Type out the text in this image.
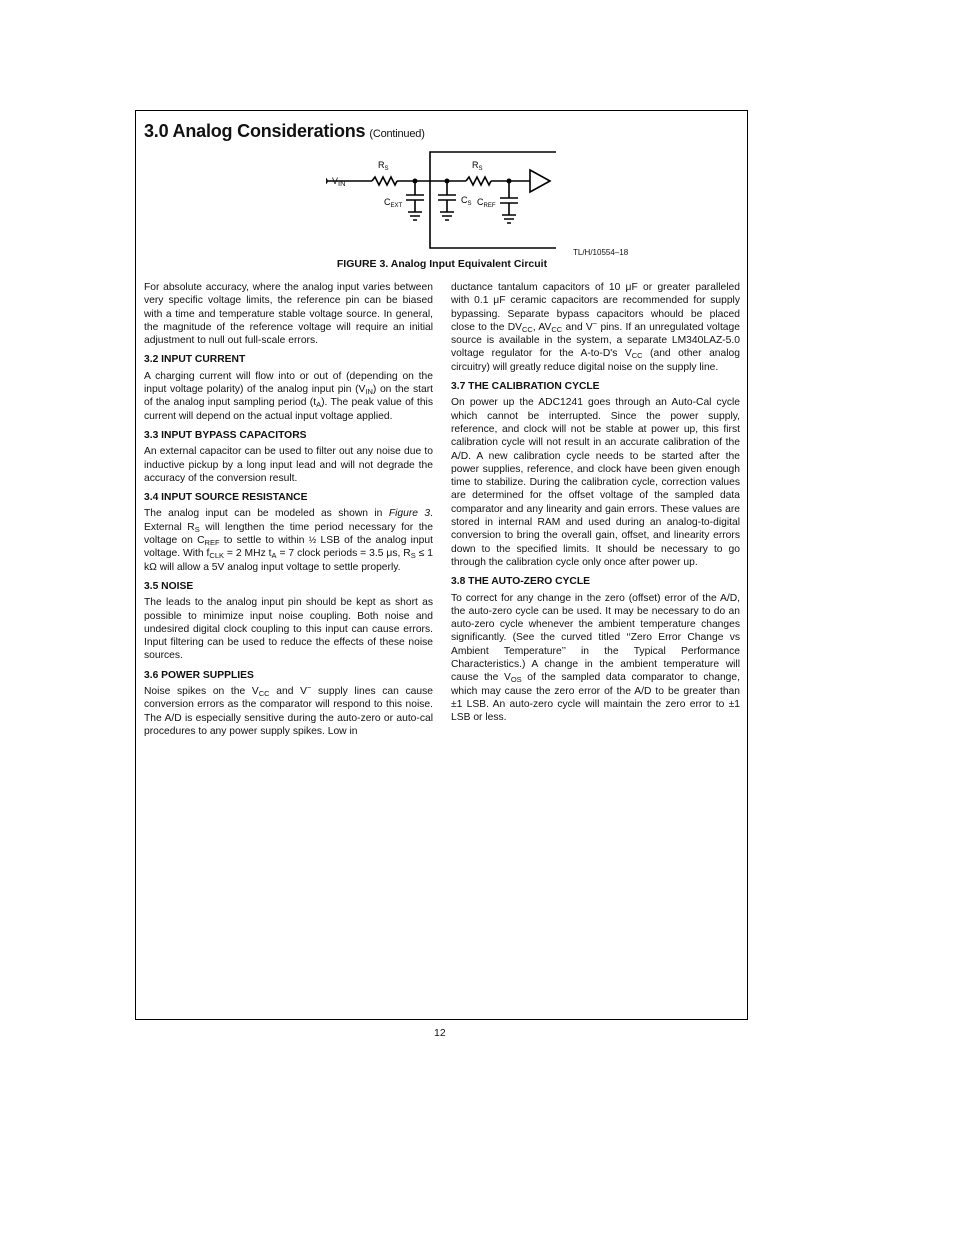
3.0 Analog Considerations (Continued)
$R_S$	$R_S$
$C_{EXT}$
$C_S$ $C_{REF}$
$V_{IN}$
TL/H/10554–18
FIGURE 3. Analog Input Equivalent Circuit

For absolute accuracy, where the analog input varies between very specific voltage limits, the reference pin can be biased with a time and temperature stable voltage source. In general, the magnitude of the reference voltage will require an initial adjustment to null out full-scale errors.

3.2 INPUT CURRENT

A charging current will flow into or out of (depending on the input voltage polarity) of the analog input pin $(V_{IN})$ on the start of the analog input sampling period $(t_A)$. The peak value of this current will depend on the actual input voltage applied.

3.3 INPUT BYPASS CAPACITORS

An external capacitor can be used to filter out any noise due to inductive pickup by a long input lead and will not degrade the accuracy of the conversion result.

3.4 INPUT SOURCE RESISTANCE

The analog input can be modeled as shown in Figure 3. External $R_S$ will lengthen the time period necessary for the voltage on $C_{REF}$ to settle to within ½ LSB of the analog input voltage. With $f_{CLK} = 2$ MHz $t_A = 7$ clock periods = 3.5 μs, $R_S \le 1$ kΩ will allow a 5V analog input voltage to settle properly.

3.5 NOISE

The leads to the analog input pin should be kept as short as possible to minimize input noise coupling. Both noise and undesired digital clock coupling to this input can cause errors. Input filtering can be used to reduce the effects of these noise sources.

3.6 POWER SUPPLIES

Noise spikes on the $V_{CC}$ and V− supply lines can cause conversion errors as the comparator will respond to this noise. The A/D is especially sensitive during the auto-zero or auto-cal procedures to any power supply spikes. Low in

ductance tantalum capacitors of 10 μF or greater paralleled with 0.1 μF ceramic capacitors are recommended for supply bypassing. Separate bypass capacitors whould be placed close to the $DV_{CC}$, $AV_{CC}$ and V− pins. If an unregulated voltage source is available in the system, a separate LM340LAZ-5.0 voltage regulator for the A-to-D's $V_{CC}$ (and other analog circuitry) will greatly reduce digital noise on the supply line.

3.7 THE CALIBRATION CYCLE

On power up the ADC1241 goes through an Auto-Cal cycle which cannot be interrupted. Since the power supply, reference, and clock will not be stable at power up, this first calibration cycle will not result in an accurate calibration of the A/D. A new calibration cycle needs to be started after the power supplies, reference, and clock have been given enough time to stabilize. During the calibration cycle, correction values are determined for the offset voltage of the sampled data comparator and any linearity and gain errors. These values are stored in internal RAM and used during an analog-to-digital conversion to bring the overall gain, offset, and linearity errors down to the specified limits. It should be necessary to go through the calibration cycle only once after power up.

3.8 THE AUTO-ZERO CYCLE

To correct for any change in the zero (offset) error of the A/D, the auto-zero cycle can be used. It may be necessary to do an auto-zero cycle whenever the ambient temperature changes significantly. (See the curved titled ‘‘Zero Error Change vs Ambient Temperature’’ in the Typical Performance Characteristics.) A change in the ambient temperature will cause the $V_{OS}$ of the sampled data comparator to change, which may cause the zero error of the A/D to be greater than ±1 LSB. An auto-zero cycle will maintain the zero error to ±1 LSB or less.

12
